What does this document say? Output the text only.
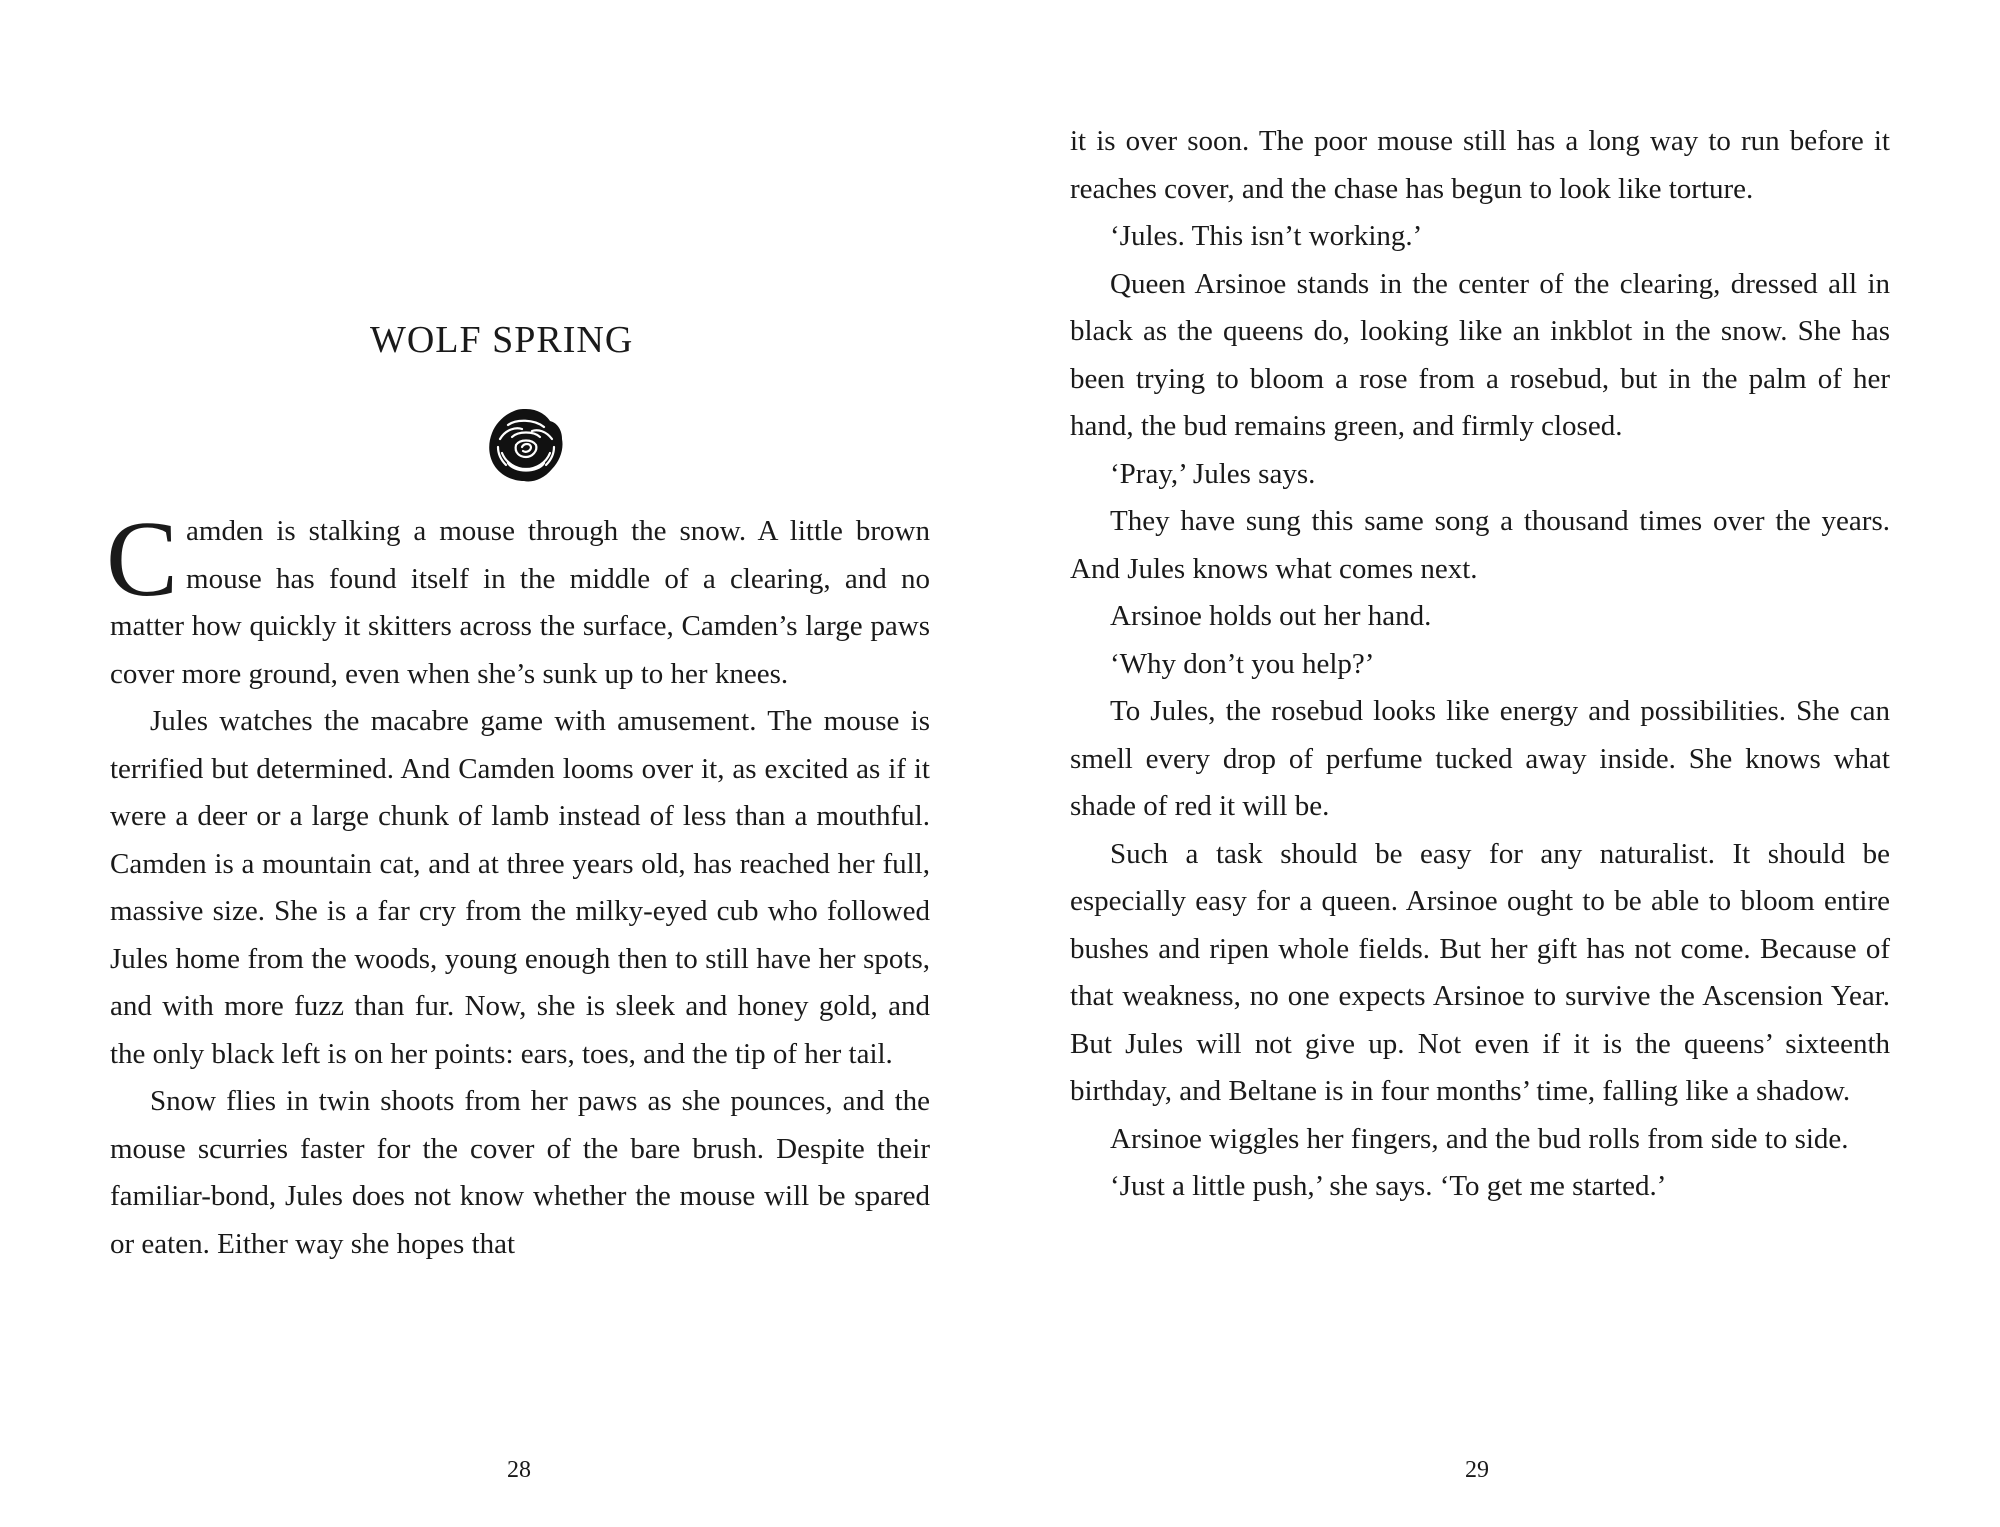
WOLF SPRING

Camden is stalking a mouse through the snow. A little brown mouse has found itself in the middle of a clearing, and no matter how quickly it skitters across the surface, Camden’s large paws cover more ground, even when she’s sunk up to her knees.

Jules watches the macabre game with amusement. The mouse is terrified but determined. And Camden looms over it, as excited as if it were a deer or a large chunk of lamb instead of less than a mouthful. Camden is a mountain cat, and at three years old, has reached her full, massive size. She is a far cry from the milky-eyed cub who followed Jules home from the woods, young enough then to still have her spots, and with more fuzz than fur. Now, she is sleek and honey gold, and the only black left is on her points: ears, toes, and the tip of her tail.

Snow flies in twin shoots from her paws as she pounces, and the mouse scurries faster for the cover of the bare brush. Despite their familiar-bond, Jules does not know whether the mouse will be spared or eaten. Either way she hopes that

28

it is over soon. The poor mouse still has a long way to run before it reaches cover, and the chase has begun to look like torture.

‘Jules. This isn’t working.’

Queen Arsinoe stands in the center of the clearing, dressed all in black as the queens do, looking like an inkblot in the snow. She has been trying to bloom a rose from a rosebud, but in the palm of her hand, the bud remains green, and firmly closed.

‘Pray,’ Jules says.

They have sung this same song a thousand times over the years. And Jules knows what comes next.

Arsinoe holds out her hand.

‘Why don’t you help?’

To Jules, the rosebud looks like energy and possibilities. She can smell every drop of perfume tucked away inside. She knows what shade of red it will be.

Such a task should be easy for any naturalist. It should be especially easy for a queen. Arsinoe ought to be able to bloom entire bushes and ripen whole fields. But her gift has not come. Because of that weakness, no one expects Arsinoe to survive the Ascension Year. But Jules will not give up. Not even if it is the queens’ sixteenth birthday, and Beltane is in four months’ time, falling like a shadow.

Arsinoe wiggles her fingers, and the bud rolls from side to side.

‘Just a little push,’ she says. ‘To get me started.’

29
